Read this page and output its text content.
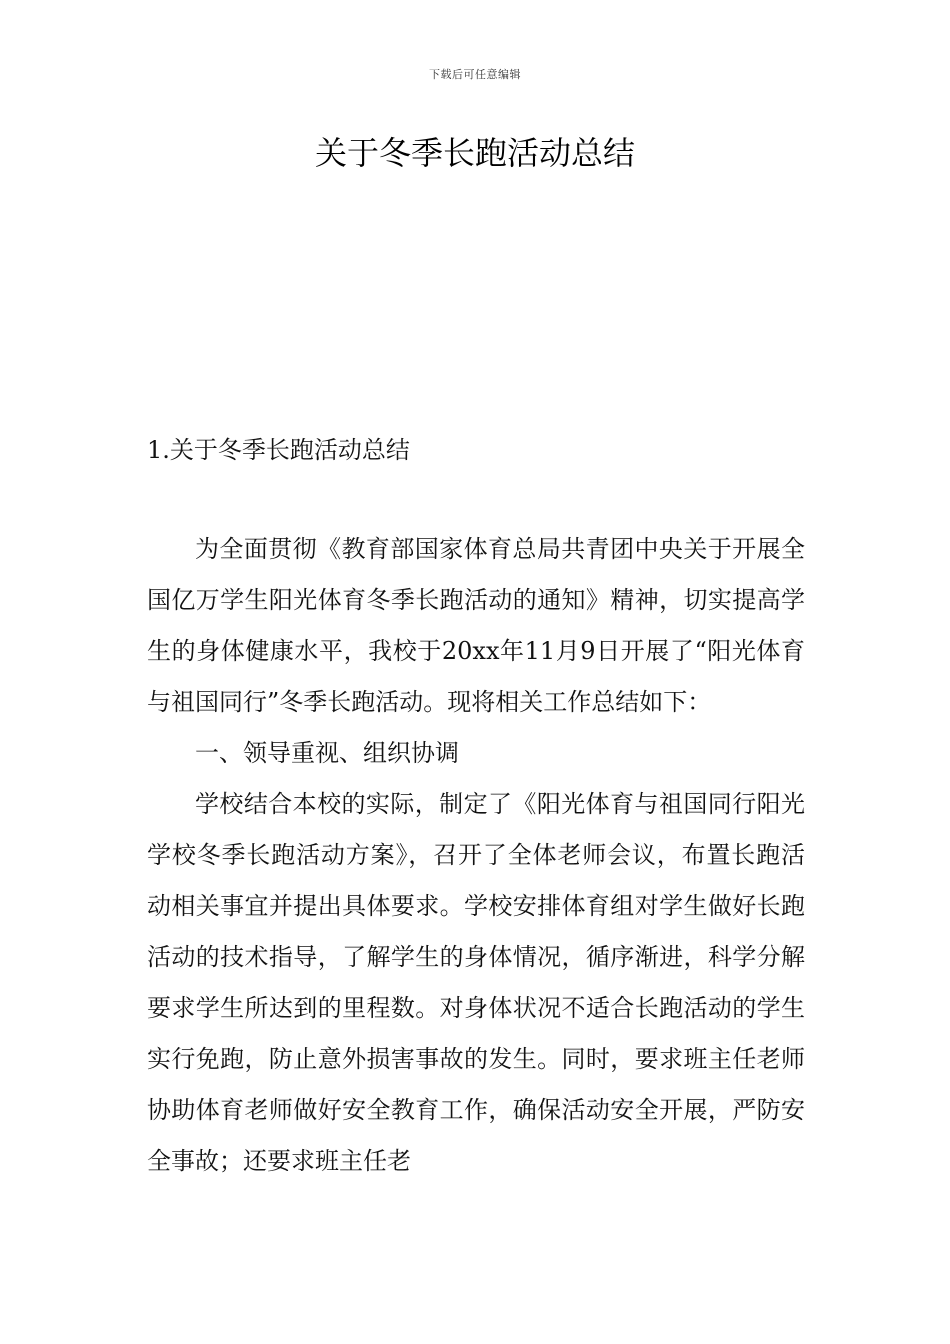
下载后可任意编辑
关于冬季长跑活动总结
1.关于冬季长跑活动总结

为全面贯彻《教育部国家体育总局共青团中央关于开展全国亿万学生阳光体育冬季长跑活动的通知》精神，切实提高学生的身体健康水平，我校于20xx年11月9日开展了“阳光体育与祖国同行”冬季长跑活动。现将相关工作总结如下：

一、领导重视、组织协调

学校结合本校的实际，制定了《阳光体育与祖国同行阳光学校冬季长跑活动方案》，召开了全体老师会议，布置长跑活动相关事宜并提出具体要求。学校安排体育组对学生做好长跑活动的技术指导，了解学生的身体情况，循序渐进，科学分解要求学生所达到的里程数。对身体状况不适合长跑活动的学生实行免跑，防止意外损害事故的发生。同时，要求班主任老师协助体育老师做好安全教育工作，确保活动安全开展，严防安全事故；还要求班主任老
